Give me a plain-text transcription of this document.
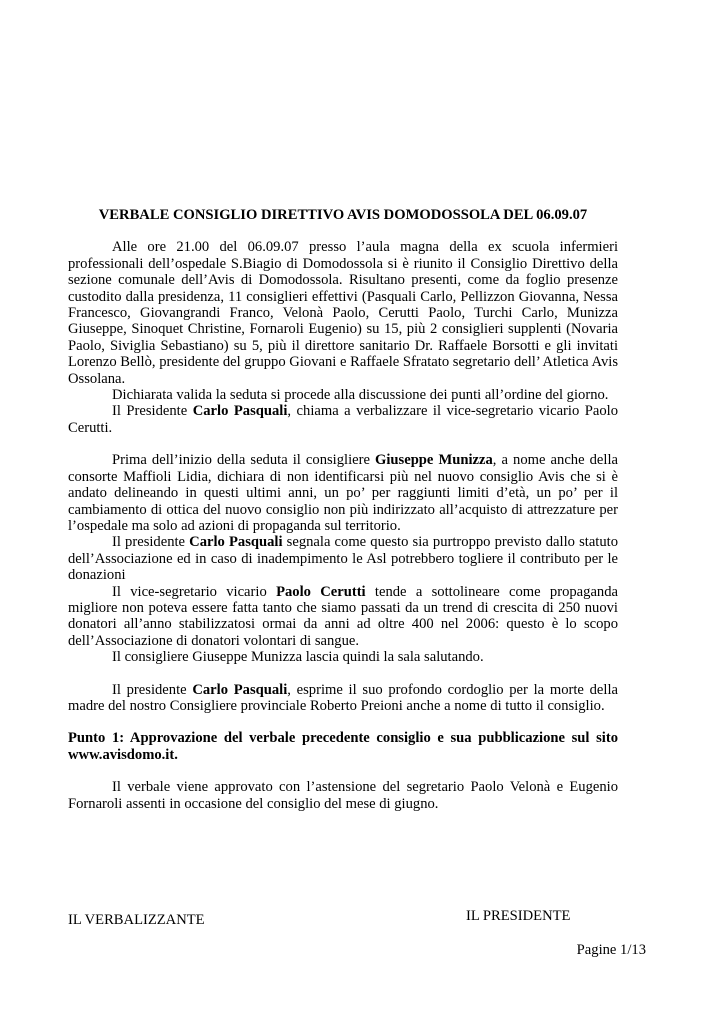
VERBALE CONSIGLIO DIRETTIVO AVIS DOMODOSSOLA DEL 06.09.07

Alle ore 21.00 del 06.09.07 presso l’aula magna della ex scuola infermieri professionali dell’ospedale S.Biagio di Domodossola si è riunito il Consiglio Direttivo della sezione comunale dell’Avis di Domodossola. Risultano presenti, come da foglio presenze custodito dalla presidenza, 11 consiglieri effettivi (Pasquali Carlo, Pellizzon Giovanna, Nessa Francesco, Giovangrandi Franco, Velonà Paolo, Cerutti Paolo, Turchi Carlo, Munizza Giuseppe, Sinoquet Christine, Fornaroli Eugenio) su 15, più 2 consiglieri supplenti (Novaria Paolo, Siviglia Sebastiano) su 5, più il direttore sanitario Dr. Raffaele Borsotti e gli invitati Lorenzo Bellò, presidente del gruppo Giovani e Raffaele Sfratato segretario dell’ Atletica Avis Ossolana.

Dichiarata valida la seduta si procede alla discussione dei punti all’ordine del giorno.

Il Presidente Carlo Pasquali, chiama a verbalizzare il vice-segretario vicario Paolo Cerutti.

Prima dell’inizio della seduta il consigliere Giuseppe Munizza, a nome anche della consorte Maffioli Lidia, dichiara di non identificarsi più nel nuovo consiglio Avis che si è andato delineando in questi ultimi anni, un po’ per raggiunti limiti d’età, un po’ per il cambiamento di ottica del nuovo consiglio non più indirizzato all’acquisto di attrezzature per l’ospedale ma solo ad azioni di propaganda sul territorio.

Il presidente Carlo Pasquali segnala come questo sia purtroppo previsto dallo statuto dell’Associazione ed in caso di inadempimento le Asl potrebbero togliere il contributo per le donazioni

Il vice-segretario vicario Paolo Cerutti tende a sottolineare come propaganda migliore non poteva essere fatta tanto che siamo passati da un trend di crescita di 250 nuovi donatori all’anno stabilizzatosi ormai da anni ad oltre 400 nel 2006: questo è lo scopo dell’Associazione di donatori volontari di sangue.

Il consigliere Giuseppe Munizza lascia quindi la sala salutando.

Il presidente Carlo Pasquali, esprime il suo profondo cordoglio per la morte della madre del nostro Consigliere provinciale Roberto Preioni anche a nome di tutto il consiglio.

Punto 1: Approvazione del verbale precedente consiglio e sua pubblicazione sul sito www.avisdomo.it.

Il verbale viene approvato con l’astensione del segretario Paolo Velonà e Eugenio Fornaroli assenti in occasione del consiglio del mese di giugno.

IL VERBALIZZANTE	IL PRESIDENTE
Pagine 1/13
